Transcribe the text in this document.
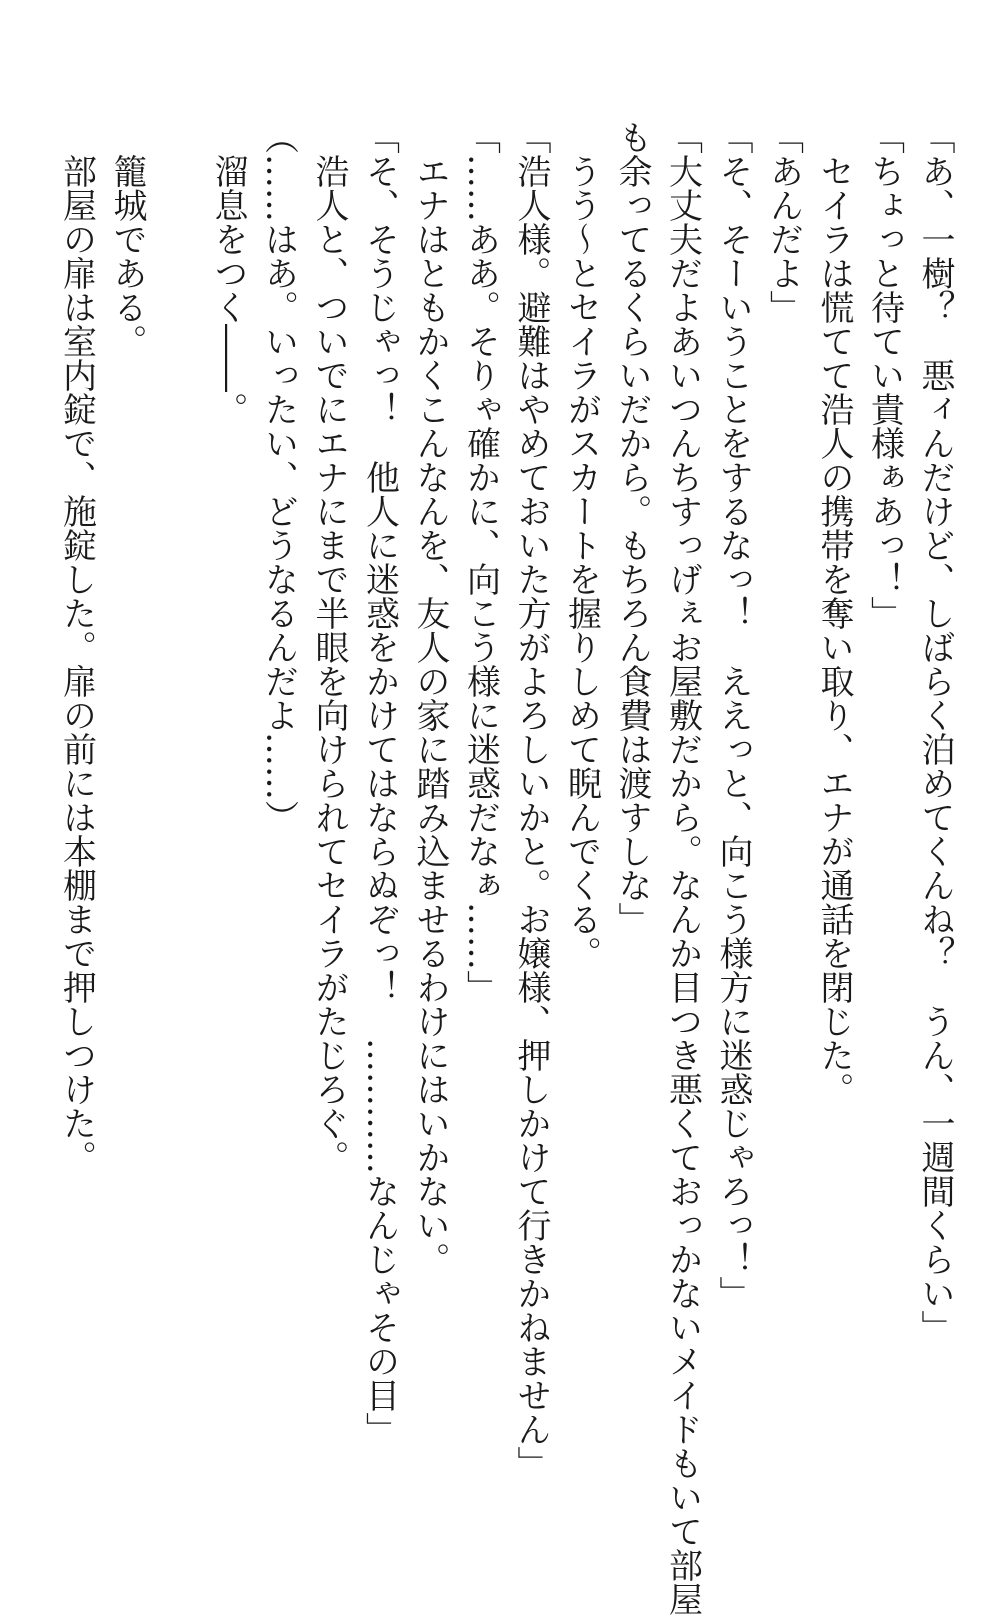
「あ、一樹？　悪ィんだけど、しばらく泊めてくんね？　うん、一週間くらい」
「ちょっと待てい貴様ぁあっ！」
　セイラは慌てて浩人の携帯を奪い取り、エナが通話を閉じた。
「あんだよ」
「そ、そーいうことをするなっ！　ええっと、向こう様方に迷惑じゃろっ！」
「大丈夫だよあいつんちすっげぇお屋敷だから。なんか目つき悪くておっかないメイドもいて部屋
も余ってるくらいだから。もちろん食費は渡すしな」
　うう～とセイラがスカートを握りしめて睨んでくる。
「浩人様。避難はやめておいた方がよろしいかと。お嬢様、押しかけて行きかねません」
「……ああ。そりゃ確かに、向こう様に迷惑だなぁ……」
　エナはともかくこんなんを、友人の家に踏み込ませるわけにはいかない。
「そ、そうじゃっ！　他人に迷惑をかけてはならぬぞっ！　…………なんじゃその目」
　浩人と、ついでにエナにまで半眼を向けられてセイラがたじろぐ。
（……はあ。いったい、どうなるんだよ……）
　溜息をつく――。
　籠城である。
　部屋の扉は室内錠で、施錠した。扉の前には本棚まで押しつけた。
